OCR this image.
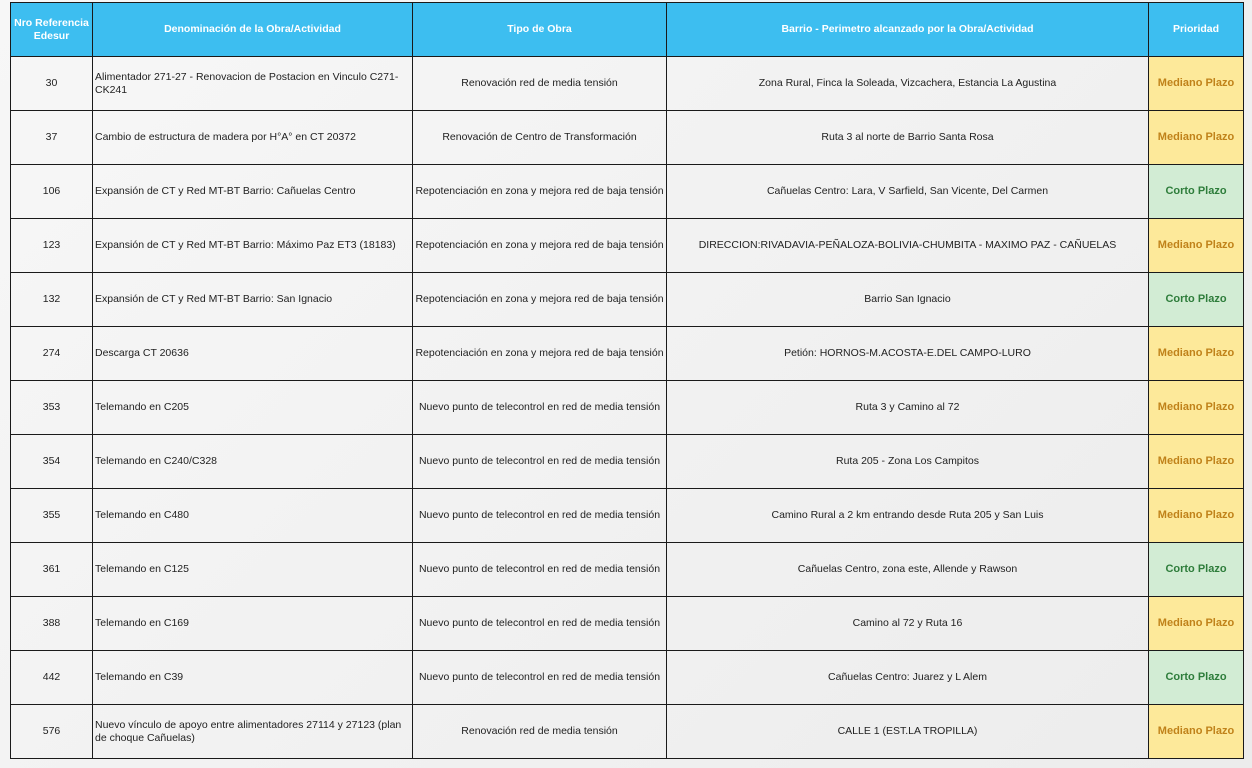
Nro Referencia Edesur	Denominación de la Obra/Actividad	Tipo de Obra	Barrio - Perimetro alcanzado por la Obra/Actividad	Prioridad
30	Alimentador 271-27 - Renovacion de Postacion en Vinculo C271-CK241	Renovación red de media tensión	Zona Rural, Finca la Soleada, Vizcachera, Estancia La Agustina	Mediano Plazo
37	Cambio de estructura de madera por H°A° en CT 20372	Renovación de Centro de Transformación	Ruta 3 al norte de Barrio Santa Rosa	Mediano Plazo
106	Expansión de CT y Red MT-BT Barrio: Cañuelas Centro	Repotenciación en zona y mejora red de baja tensión	Cañuelas Centro: Lara, V Sarfield, San Vicente, Del Carmen	Corto Plazo
123	Expansión de CT y Red MT-BT Barrio: Máximo Paz ET3 (18183)	Repotenciación en zona y mejora red de baja tensión	DIRECCION:RIVADAVIA-PEÑALOZA-BOLIVIA-CHUMBITA - MAXIMO PAZ - CAÑUELAS	Mediano Plazo
132	Expansión de CT y Red MT-BT Barrio: San Ignacio	Repotenciación en zona y mejora red de baja tensión	Barrio San Ignacio	Corto Plazo
274	Descarga CT 20636	Repotenciación en zona y mejora red de baja tensión	Petión: HORNOS-M.ACOSTA-E.DEL CAMPO-LURO	Mediano Plazo
353	Telemando en C205	Nuevo punto de telecontrol en red de media tensión	Ruta 3 y Camino al 72	Mediano Plazo
354	Telemando en C240/C328	Nuevo punto de telecontrol en red de media tensión	Ruta 205 - Zona Los Campitos	Mediano Plazo
355	Telemando en C480	Nuevo punto de telecontrol en red de media tensión	Camino Rural a 2 km entrando desde Ruta 205 y San Luis	Mediano Plazo
361	Telemando en C125	Nuevo punto de telecontrol en red de media tensión	Cañuelas Centro, zona este, Allende y Rawson	Corto Plazo
388	Telemando en C169	Nuevo punto de telecontrol en red de media tensión	Camino al 72 y Ruta 16	Mediano Plazo
442	Telemando en C39	Nuevo punto de telecontrol en red de media tensión	Cañuelas Centro: Juarez y L Alem	Corto Plazo
576	Nuevo vínculo de apoyo entre alimentadores 27114 y 27123 (plan de choque Cañuelas)	Renovación red de media tensión	CALLE 1 (EST.LA TROPILLA)	Mediano Plazo
